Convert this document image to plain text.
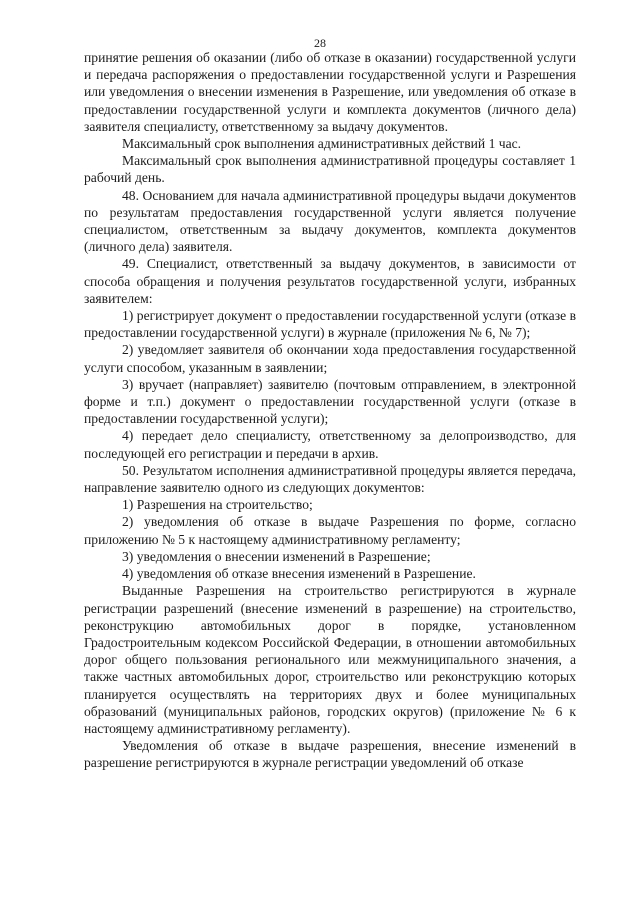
28

принятие решения об оказании (либо об отказе в оказании) государственной услуги и передача распоряжения о предоставлении государственной услуги и Разрешения или уведомления о внесении изменения в Разрешение, или уведомления об отказе в предоставлении государственной услуги и комплекта документов (личного дела) заявителя специалисту, ответственному за выдачу документов.

Максимальный срок выполнения административных действий 1 час.

Максимальный срок выполнения административной процедуры составляет 1 рабочий день.

48. Основанием для начала административной процедуры выдачи документов по результатам предоставления государственной услуги является получение специалистом, ответственным за выдачу документов, комплекта документов (личного дела) заявителя.

49. Специалист, ответственный за выдачу документов, в зависимости от способа обращения и получения результатов государственной услуги, избранных заявителем:

1) регистрирует документ о предоставлении государственной услуги (отказе в предоставлении государственной услуги) в журнале (приложения № 6, № 7);

2) уведомляет заявителя об окончании хода предоставления государственной услуги способом, указанным в заявлении;

3) вручает (направляет) заявителю (почтовым отправлением, в электронной форме и т.п.) документ о предоставлении государственной услуги (отказе в предоставлении государственной услуги);

4) передает дело специалисту, ответственному за делопроизводство, для последующей его регистрации и передачи в архив.

50. Результатом исполнения административной процедуры является передача, направление заявителю одного из следующих документов:

1) Разрешения на строительство;

2) уведомления об отказе в выдаче Разрешения по форме, согласно приложению № 5 к настоящему административному регламенту;

3) уведомления о внесении изменений в Разрешение;

4) уведомления об отказе внесения изменений в Разрешение.

Выданные Разрешения на строительство регистрируются в журнале регистрации разрешений (внесение изменений в разрешение) на строительство, реконструкцию автомобильных дорог в порядке, установленном Градостроительным кодексом Российской Федерации, в отношении автомобильных дорог общего пользования регионального или межмуниципального значения, а также частных автомобильных дорог, строительство или реконструкцию которых планируется осуществлять на территориях двух и более муниципальных образований (муниципальных районов, городских округов) (приложение № 6 к настоящему административному регламенту).

Уведомления об отказе в выдаче разрешения, внесение изменений в разрешение регистрируются в журнале регистрации уведомлений об отказе
